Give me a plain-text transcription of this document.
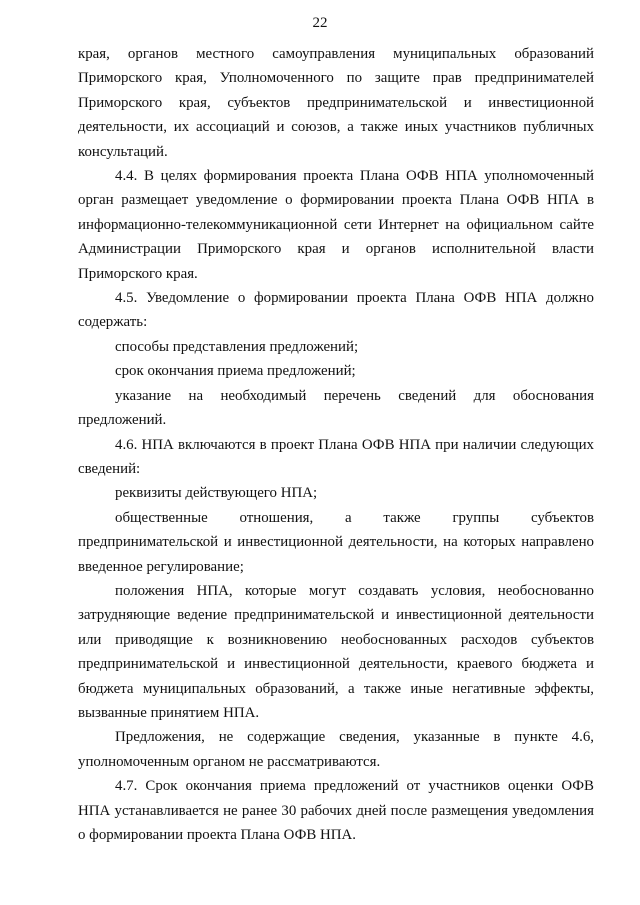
22

края, органов местного самоуправления муниципальных образований Приморского края, Уполномоченного по защите прав предпринимателей Приморского края, субъектов предпринимательской и инвестиционной деятельности, их ассоциаций и союзов, а также иных участников публичных консультаций.

4.4. В целях формирования проекта Плана ОФВ НПА уполномоченный орган размещает уведомление о формировании проекта Плана ОФВ НПА в информационно-телекоммуникационной сети Интернет на официальном сайте Администрации Приморского края и органов исполнительной власти Приморского края.

4.5. Уведомление о формировании проекта Плана ОФВ НПА должно содержать:

способы представления предложений;

срок окончания приема предложений;

указание на необходимый перечень сведений для обоснования предложений.

4.6. НПА включаются в проект Плана ОФВ НПА при наличии следующих сведений:

реквизиты действующего НПА;

общественные отношения, а также группы субъектов предпринимательской и инвестиционной деятельности, на которых направлено введенное регулирование;

положения НПА, которые могут создавать условия, необоснованно затрудняющие ведение предпринимательской и инвестиционной деятельности или приводящие к возникновению необоснованных расходов субъектов предпринимательской и инвестиционной деятельности, краевого бюджета и бюджета муниципальных образований, а также иные негативные эффекты, вызванные принятием НПА.

Предложения, не содержащие сведения, указанные в пункте 4.6, уполномоченным органом не рассматриваются.

4.7. Срок окончания приема предложений от участников оценки ОФВ НПА устанавливается не ранее 30 рабочих дней после размещения уведомления о формировании проекта Плана ОФВ НПА.
